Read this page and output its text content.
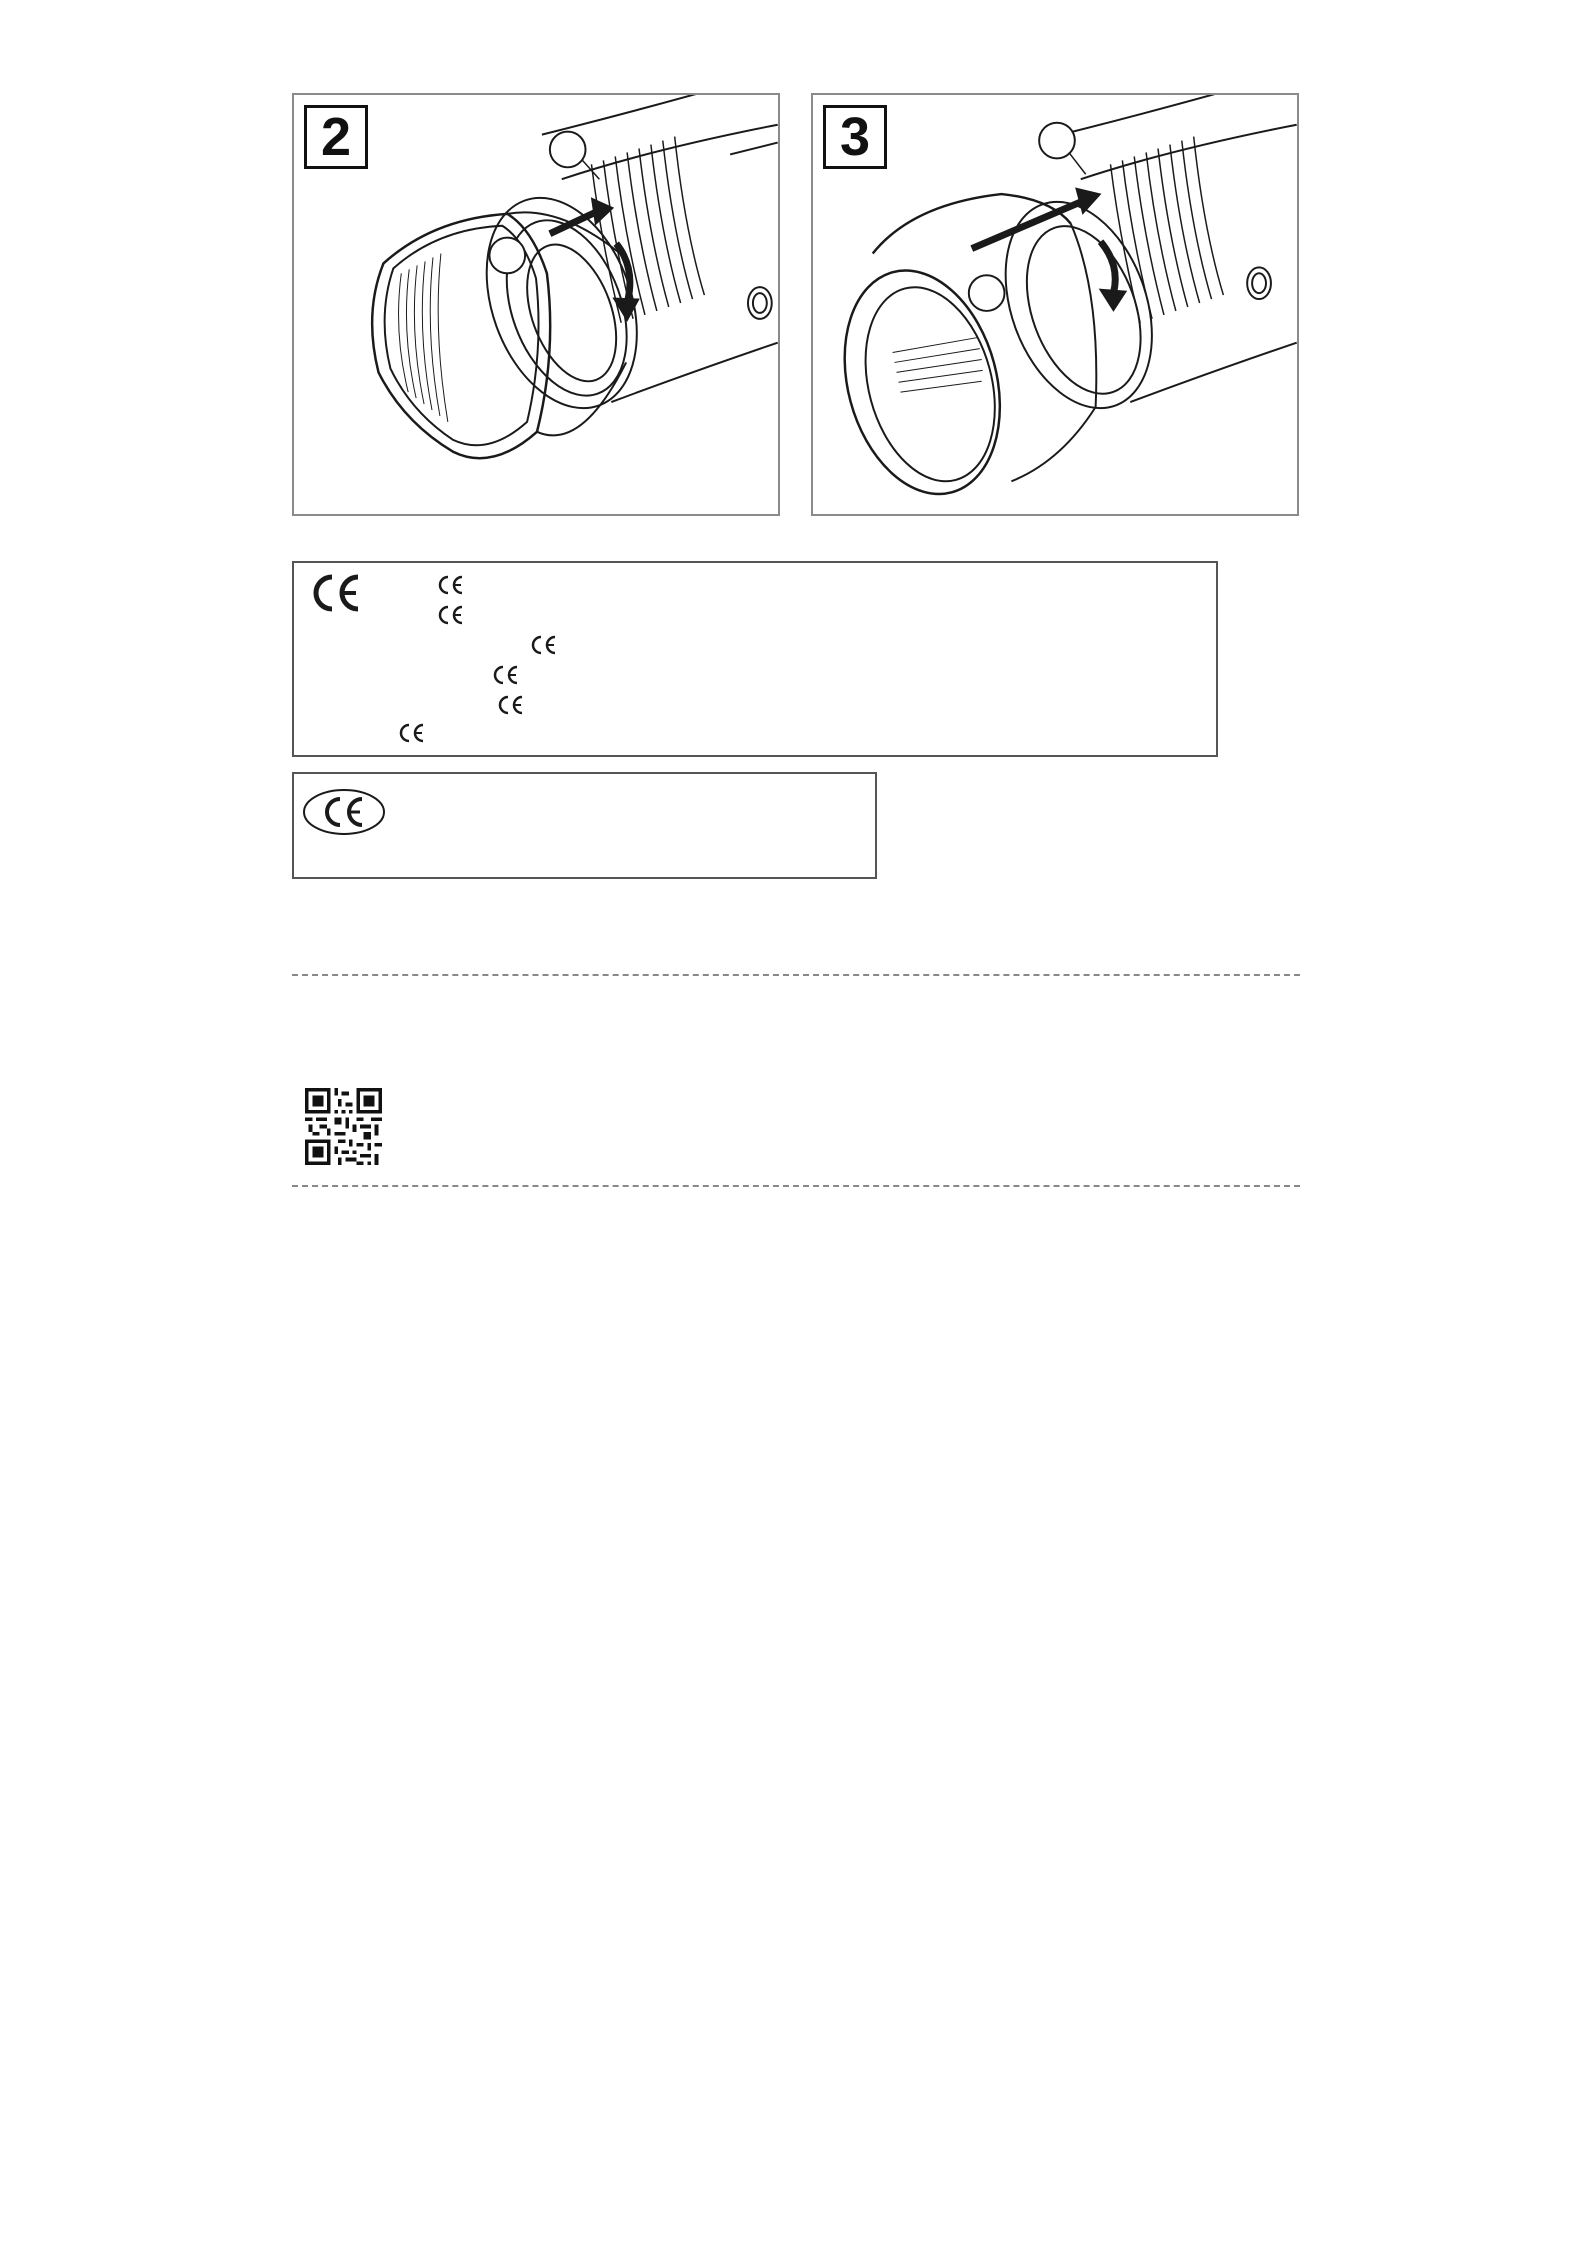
2	3
